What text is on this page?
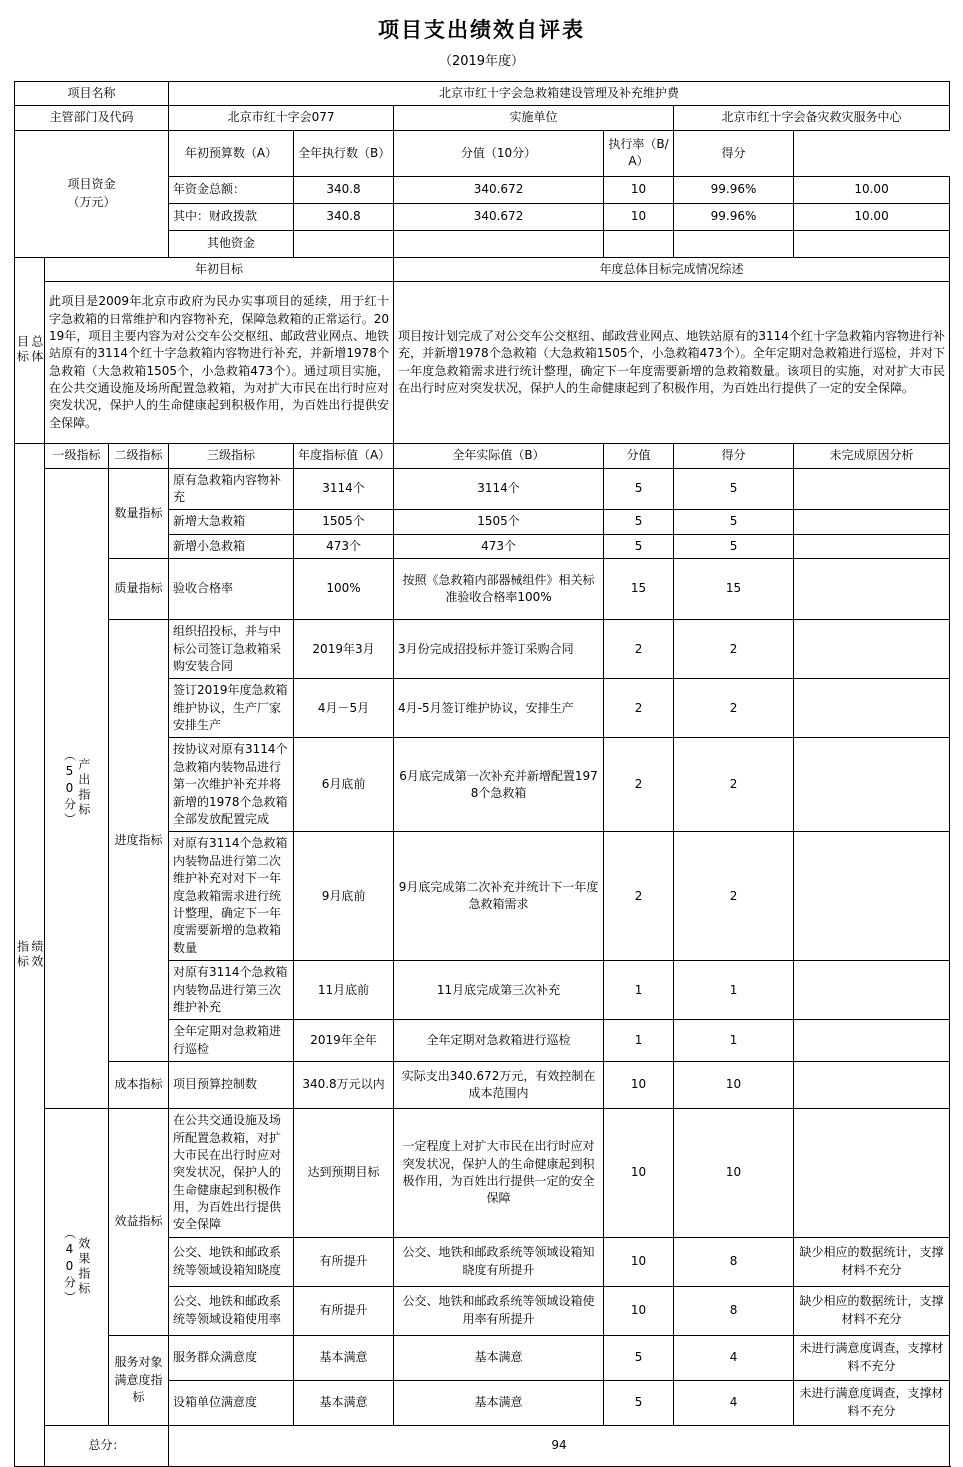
项目支出绩效自评表
（2019年度）
项目名称			北京市红十字会急救箱建设管理及补充维护费					
主管部门及代码			北京市红十字会077		实施单位		北京市红十字会备灾救灾服务中心	

项目资金
（万元）			年初预算数（A）	全年执行数（B）	分值（10分）	执行率（B/A）	得分	
			年资金总额：	340.8	340.672	10	99.96%	10.00
			其中：财政拨款	340.8	340.672	10	99.96%	10.00
			其他资金					

总体
目标	年初目标				年度总体目标完成情况综述			
	此项目是2009年北京市政府为民办实事项目的延续，用于红十字急救箱的日常维护和内容物补充，保障急救箱的正常运行。2019年，项目主要内容为对公交车公交枢纽、邮政营业网点、地铁站原有的3114个红十字急救箱内容物进行补充，并新增1978个急救箱（大急救箱1505个，小急救箱473个）。通过项目实施，在公共交通设施及场所配置急救箱，为对扩大市民在出行时应对突发状况，保护人的生命健康起到积极作用，为百姓出行提供安全保障。				项目按计划完成了对公交车公交枢纽、邮政营业网点、地铁站原有的3114个红十字急救箱内容物进行补充，并新增1978个急救箱（大急救箱1505个，小急救箱473个）。全年定期对急救箱进行巡检，并对下一年度急救箱需求进行统计整理，确定下一年度需要新增的急救箱数量。该项目的实施，对对扩大市民在出行时应对突发状况，保护人的生命健康起到了积极作用，为百姓出行提供了一定的安全保障。			

绩效
指标	一级指标	二级指标	三级指标	年度指标值（A）	全年实际值（B）	分值	得分	未完成原因分析

	产出指标
（50分）	数量指标	原有急救箱内容物补充	3114个	3114个	5	5	
			新增大急救箱	1505个	1505个	5	5	
			新增小急救箱	473个	473个	5	5	
		质量指标	验收合格率	100%	按照《急救箱内部器械组件》相关标准验收合格率100%	15	15	
		进度指标	组织招投标，并与中标公司签订急救箱采购安装合同	2019年3月	3月份完成招投标并签订采购合同	2	2	
			签订2019年度急救箱维护协议，生产厂家安排生产	4月－5月	4月-5月签订维护协议，安排生产	2	2	
			按协议对原有3114个急救箱内装物品进行第一次维护补充并将新增的1978个急救箱全部发放配置完成	6月底前	6月底完成第一次补充并新增配置1978个急救箱	2	2	
			对原有3114个急救箱内装物品进行第二次维护补充对对下一年度急救箱需求进行统计整理，确定下一年度需要新增的急救箱数量	9月底前	9月底完成第二次补充并统计下一年度急救箱需求	2	2	
			对原有3114个急救箱内装物品进行第三次维护补充	11月底前	11月底完成第三次补充	1	1	
			全年定期对急救箱进行巡检	2019年全年	全年定期对急救箱进行巡检	1	1	
		成本指标	项目预算控制数	340.8万元以内	实际支出340.672万元，有效控制在成本范围内	10	10	

	效果指标
（40分）	效益指标	在公共交通设施及场所配置急救箱，对扩大市民在出行时应对突发状况，保护人的生命健康起到积极作用，为百姓出行提供安全保障	达到预期目标	一定程度上对扩大市民在出行时应对突发状况，保护人的生命健康起到积极作用，为百姓出行提供一定的安全保障	10	10	
			公交、地铁和邮政系统等领域设箱知晓度	有所提升	公交、地铁和邮政系统等领域设箱知晓度有所提升	10	8	缺少相应的数据统计，支撑材料不充分
			公交、地铁和邮政系统等领域设箱使用率	有所提升	公交、地铁和邮政系统等领域设箱使用率有所提升	10	8	缺少相应的数据统计，支撑材料不充分
		服务对象满意度指标	服务群众满意度	基本满意	基本满意	5	4	未进行满意度调查，支撑材料不充分
			设箱单位满意度	基本满意	基本满意	5	4	未进行满意度调查，支撑材料不充分
	总分：		94					
